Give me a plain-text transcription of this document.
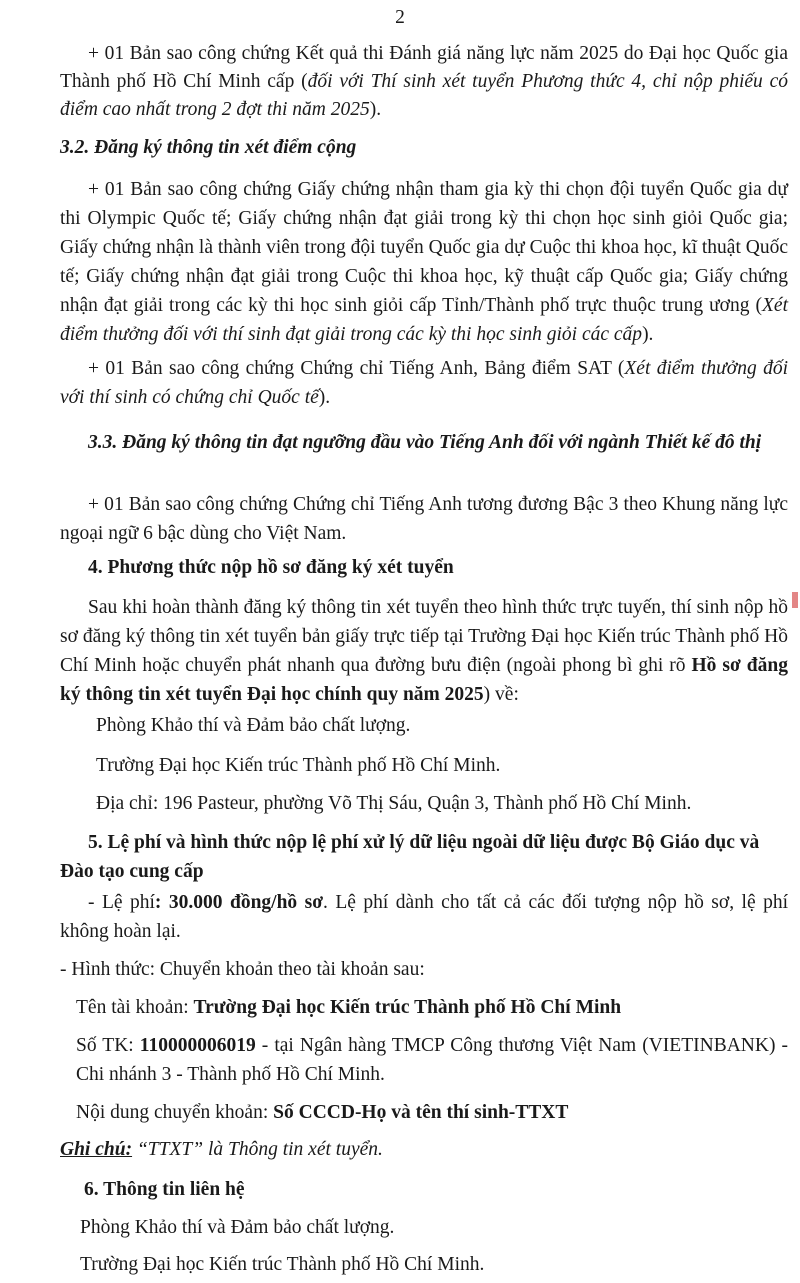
2
+ 01 Bản sao công chứng Kết quả thi Đánh giá năng lực năm 2025 do Đại học Quốc gia Thành phố Hồ Chí Minh cấp (đối với Thí sinh xét tuyển Phương thức 4, chỉ nộp phiếu có điểm cao nhất trong 2 đợt thi năm 2025).
3.2. Đăng ký thông tin xét điểm cộng
+ 01 Bản sao công chứng Giấy chứng nhận tham gia kỳ thi chọn đội tuyển Quốc gia dự thi Olympic Quốc tế; Giấy chứng nhận đạt giải trong kỳ thi chọn học sinh giỏi Quốc gia; Giấy chứng nhận là thành viên trong đội tuyển Quốc gia dự Cuộc thi khoa học, kĩ thuật Quốc tế; Giấy chứng nhận đạt giải trong Cuộc thi khoa học, kỹ thuật cấp Quốc gia; Giấy chứng nhận đạt giải trong các kỳ thi học sinh giỏi cấp Tỉnh/Thành phố trực thuộc trung ương (Xét điểm thưởng đối với thí sinh đạt giải trong các kỳ thi học sinh giỏi các cấp).
+ 01 Bản sao công chứng Chứng chỉ Tiếng Anh, Bảng điểm SAT (Xét điểm thưởng đối với thí sinh có chứng chỉ Quốc tế).
3.3. Đăng ký thông tin đạt ngưỡng đầu vào Tiếng Anh đối với ngành Thiết kế đô thị
+ 01 Bản sao công chứng Chứng chỉ Tiếng Anh tương đương Bậc 3 theo Khung năng lực ngoại ngữ 6 bậc dùng cho Việt Nam.
4. Phương thức nộp hồ sơ đăng ký xét tuyển
Sau khi hoàn thành đăng ký thông tin xét tuyển theo hình thức trực tuyến, thí sinh nộp hồ sơ đăng ký thông tin xét tuyển bản giấy trực tiếp tại Trường Đại học Kiến trúc Thành phố Hồ Chí Minh hoặc chuyển phát nhanh qua đường bưu điện (ngoài phong bì ghi rõ Hồ sơ đăng ký thông tin xét tuyển Đại học chính quy năm 2025) về:
Phòng Khảo thí và Đảm bảo chất lượng.
Trường Đại học Kiến trúc Thành phố Hồ Chí Minh.
Địa chỉ: 196 Pasteur, phường Võ Thị Sáu, Quận 3, Thành phố Hồ Chí Minh.
5. Lệ phí và hình thức nộp lệ phí xử lý dữ liệu ngoài dữ liệu được Bộ Giáo dục và Đào tạo cung cấp
- Lệ phí: 30.000 đồng/hồ sơ. Lệ phí dành cho tất cả các đối tượng nộp hồ sơ, lệ phí không hoàn lại.
- Hình thức: Chuyển khoản theo tài khoản sau:
Tên tài khoản: Trường Đại học Kiến trúc Thành phố Hồ Chí Minh
Số TK: 110000006019 - tại Ngân hàng TMCP Công thương Việt Nam (VIETINBANK) - Chi nhánh 3 - Thành phố Hồ Chí Minh.
Nội dung chuyển khoản: Số CCCD-Họ và tên thí sinh-TTXT
Ghi chú: “TTXT” là Thông tin xét tuyển.
6. Thông tin liên hệ
Phòng Khảo thí và Đảm bảo chất lượng.
Trường Đại học Kiến trúc Thành phố Hồ Chí Minh.
